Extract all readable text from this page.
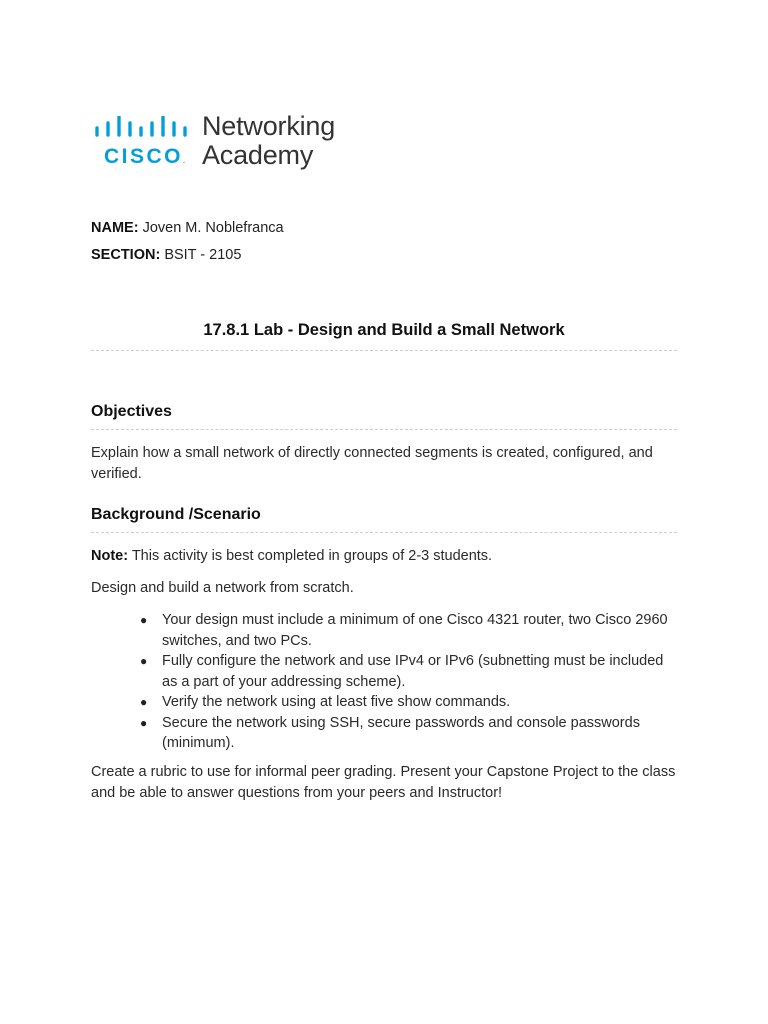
CISCO.
Networking
Academy
NAME: Joven M. Noblefranca
SECTION: BSIT - 2105
17.8.1 Lab - Design and Build a Small Network
Objectives
Explain how a small network of directly connected segments is created, configured, and verified.
Background /Scenario
Note: This activity is best completed in groups of 2-3 students.
Design and build a network from scratch.
● Your design must include a minimum of one Cisco 4321 router, two Cisco 2960 switches, and two PCs.
● Fully configure the network and use IPv4 or IPv6 (subnetting must be included as a part of your addressing scheme).
● Verify the network using at least five show commands.
● Secure the network using SSH, secure passwords and console passwords (minimum).
Create a rubric to use for informal peer grading. Present your Capstone Project to the class and be able to answer questions from your peers and Instructor!
